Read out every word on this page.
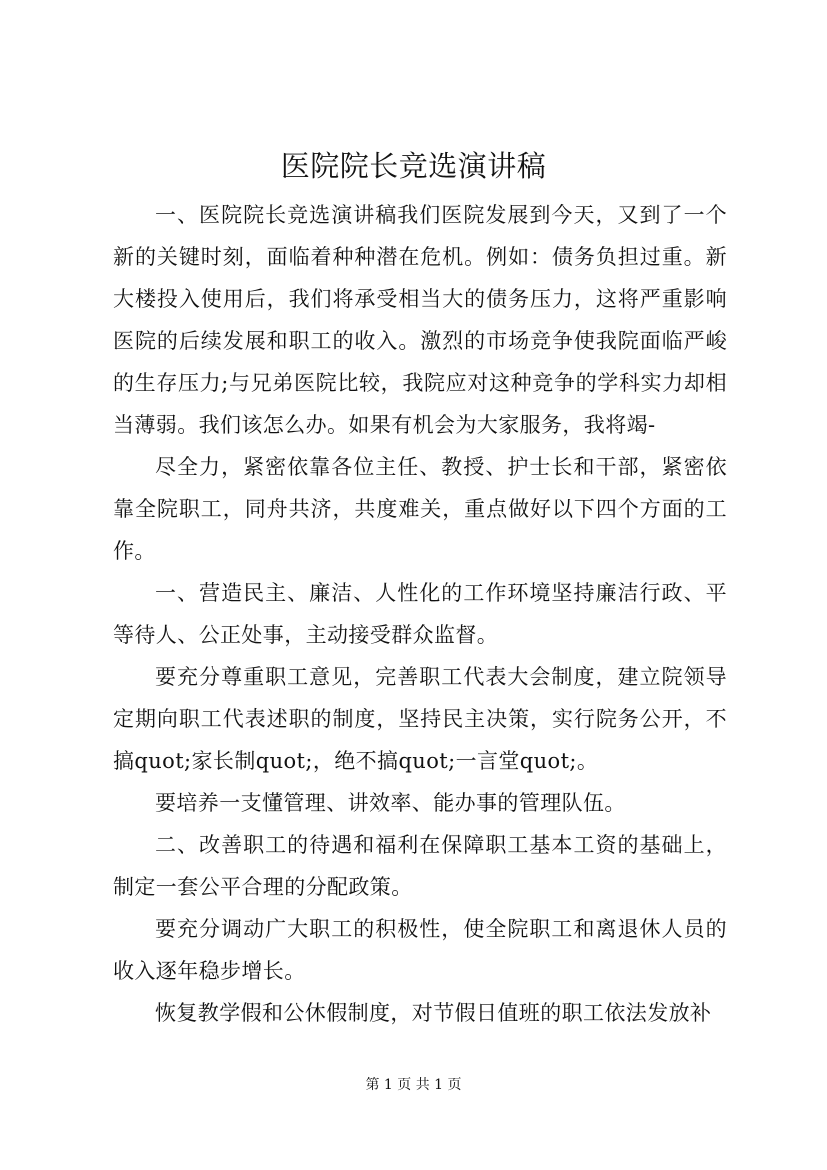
医院院长竞选演讲稿

一、医院院长竞选演讲稿我们医院发展到今天，又到了一个新的关键时刻，面临着种种潜在危机。例如：债务负担过重。新大楼投入使用后，我们将承受相当大的债务压力，这将严重影响医院的后续发展和职工的收入。激烈的市场竞争使我院面临严峻的生存压力;与兄弟医院比较，我院应对这种竞争的学科实力却相当薄弱。我们该怎么办。如果有机会为大家服务，我将竭-

尽全力，紧密依靠各位主任、教授、护士长和干部，紧密依靠全院职工，同舟共济，共度难关，重点做好以下四个方面的工作。

一、营造民主、廉洁、人性化的工作环境坚持廉洁行政、平等待人、公正处事，主动接受群众监督。

要充分尊重职工意见，完善职工代表大会制度，建立院领导定期向职工代表述职的制度，坚持民主决策，实行院务公开，不搞quot;家长制quot;，绝不搞quot;一言堂quot;。

要培养一支懂管理、讲效率、能办事的管理队伍。

二、改善职工的待遇和福利在保障职工基本工资的基础上，制定一套公平合理的分配政策。

要充分调动广大职工的积极性，使全院职工和离退休人员的收入逐年稳步增长。

恢复教学假和公休假制度，对节假日值班的职工依法发放补

第 1 页 共 1 页
